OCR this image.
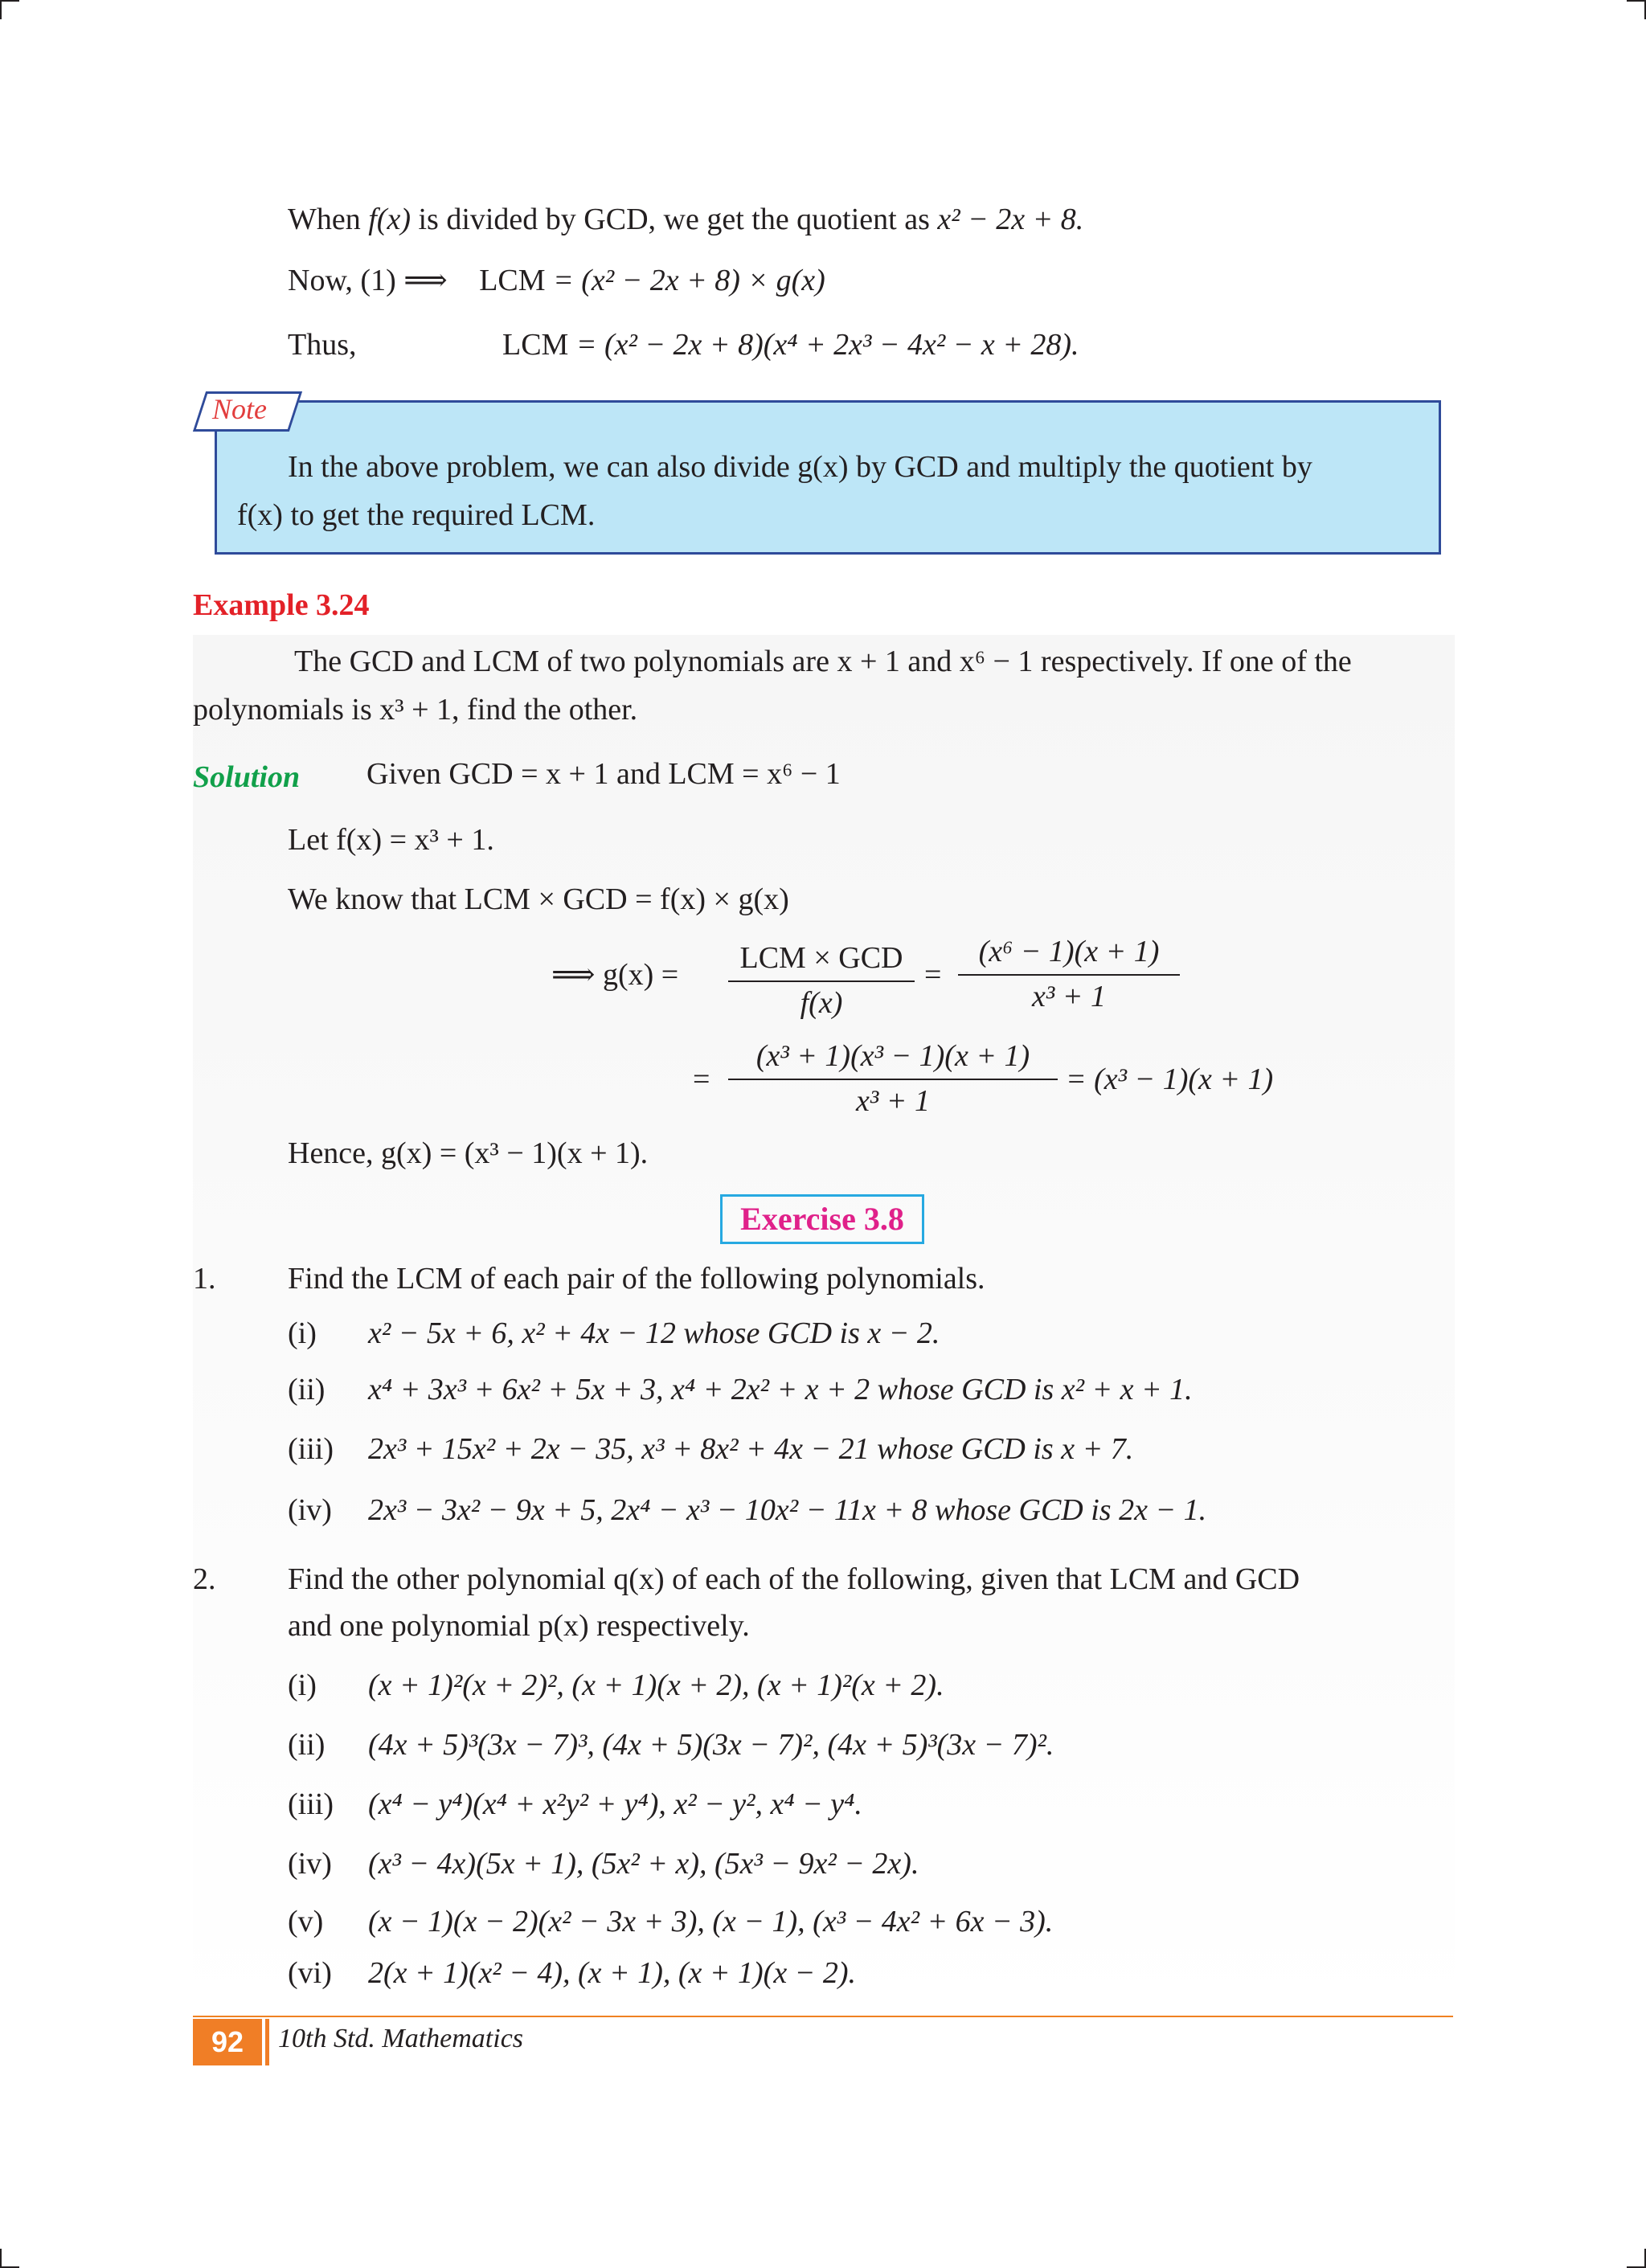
When f(x) is divided by GCD, we get the quotient as x² − 2x + 8.
Now, (1) ⟹ LCM = (x² − 2x + 8) × g(x)
Thus,	LCM = (x² − 2x + 8)(x⁴ + 2x³ − 4x² − x + 28).
Note
In the above problem, we can also divide g(x) by GCD and multiply the quotient by
f(x) to get the required LCM.
Example 3.24
The GCD and LCM of two polynomials are x + 1 and x⁶ − 1 respectively. If one of the
polynomials is x³ + 1, find the other.
Solution Given GCD = x + 1 and LCM = x⁶ − 1
Let f(x) = x³ + 1.
We know that LCM × GCD = f(x) × g(x)
⟹ g(x) =	LCM × GCD
f(x)
=
(x⁶ − 1)(x + 1)
x³ + 1
=
(x³ + 1)(x³ − 1)(x + 1)
x³ + 1
= (x³ − 1)(x + 1)
Hence, g(x) = (x³ − 1)(x + 1).
Exercise 3.8
1. Find the LCM of each pair of the following polynomials.
(i) x² − 5x + 6, x² + 4x − 12 whose GCD is x − 2.
(ii) x⁴ + 3x³ + 6x² + 5x + 3, x⁴ + 2x² + x + 2 whose GCD is x² + x + 1.
(iii) 2x³ + 15x² + 2x − 35, x³ + 8x² + 4x − 21 whose GCD is x + 7.
(iv) 2x³ − 3x² − 9x + 5, 2x⁴ − x³ − 10x² − 11x + 8 whose GCD is 2x − 1.
2. Find the other polynomial q(x) of each of the following, given that LCM and GCD
and one polynomial p(x) respectively.
(i) (x + 1)²(x + 2)², (x + 1)(x + 2), (x + 1)²(x + 2).
(ii) (4x + 5)³(3x − 7)³, (4x + 5)(3x − 7)², (4x + 5)³(3x − 7)².
(iii) (x⁴ − y⁴)(x⁴ + x²y² + y⁴), x² − y², x⁴ − y⁴.
(iv) (x³ − 4x)(5x + 1), (5x² + x), (5x³ − 9x² − 2x).
(v) (x − 1)(x − 2)(x² − 3x + 3), (x − 1), (x³ − 4x² + 6x − 3).
(vi) 2(x + 1)(x² − 4), (x + 1), (x + 1)(x − 2).
92	10th Std. Mathematics
